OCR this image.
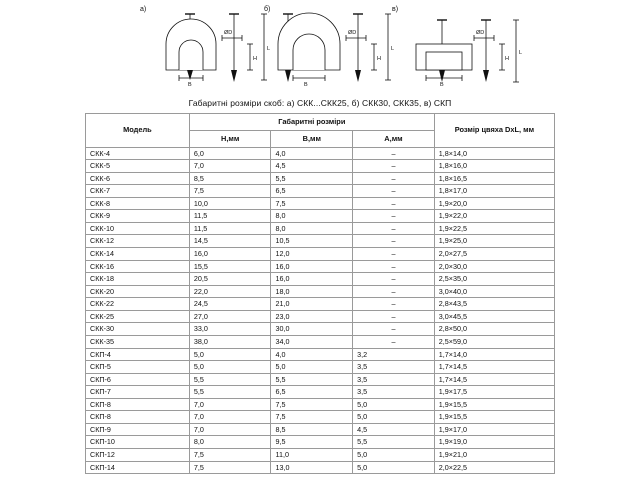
а)
ØD
H
L
B
б)
ØD
H
L
B
в)
ØD
H
L
B
Габаритні розміри скоб: а) СКК...СКК25, б) СКК30, СКК35, в) СКП
Модель	Габаритні розміри			Розмір цвяха DxL, мм
	H,мм	B,мм	A,мм	
СКК-4	6,0	4,0	–	1,8×14,0
СКК-5	7,0	4,5	–	1,8×16,0
СКК-6	8,5	5,5	–	1,8×16,5
СКК-7	7,5	6,5	–	1,8×17,0
СКК-8	10,0	7,5	–	1,9×20,0
СКК-9	11,5	8,0	–	1,9×22,0
СКК-10	11,5	8,0	–	1,9×22,5
СКК-12	14,5	10,5	–	1,9×25,0
СКК-14	16,0	12,0	–	2,0×27,5
СКК-16	15,5	16,0	–	2,0×30,0
СКК-18	20,5	16,0	–	2,5×35,0
СКК-20	22,0	18,0	–	3,0×40,0
СКК-22	24,5	21,0	–	2,8×43,5
СКК-25	27,0	23,0	–	3,0×45,5
СКК-30	33,0	30,0	–	2,8×50,0
СКК-35	38,0	34,0	–	2,5×59,0
СКП-4	5,0	4,0	3,2	1,7×14,0
СКП-5	5,0	5,0	3,5	1,7×14,5
СКП-6	5,5	5,5	3,5	1,7×14,5
СКП-7	5,5	6,5	3,5	1,9×17,5
СКП-8	7,0	7,5	5,0	1,9×15,5
СКП-8	7,0	7,5	5,0	1,9×15,5
СКП-9	7,0	8,5	4,5	1,9×17,0
СКП-10	8,0	9,5	5,5	1,9×19,0
СКП-12	7,5	11,0	5,0	1,9×21,0
СКП-14	7,5	13,0	5,0	2,0×22,5
